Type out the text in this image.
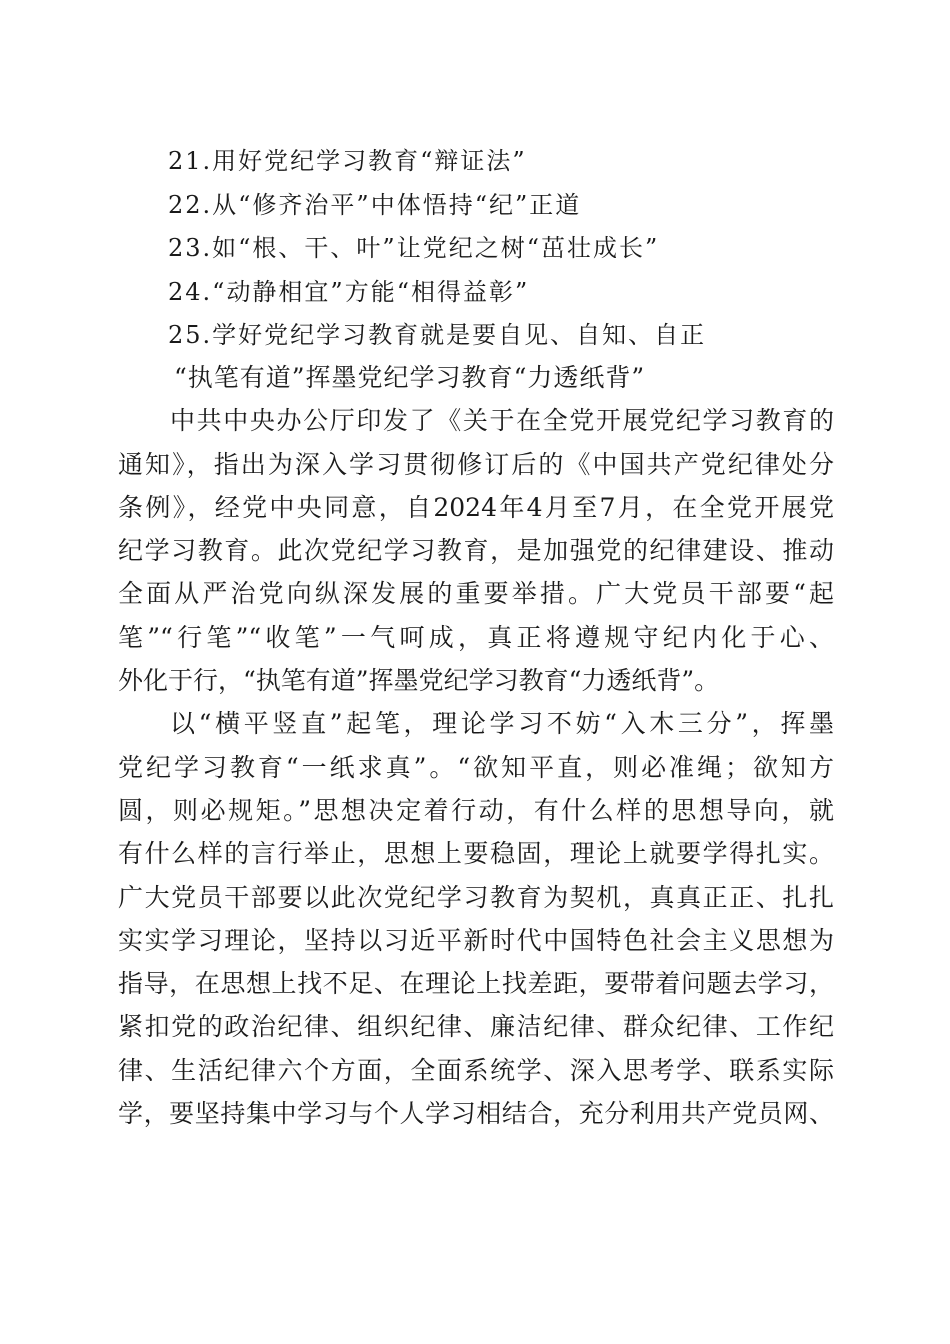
21.用好党纪学习教育“辩证法”
22.从“修齐治平”中体悟持“纪”正道
23.如“根、干、叶”让党纪之树“茁壮成长”
24.“动静相宜”方能“相得益彰”
25.学好党纪学习教育就是要自见、自知、自正
“执笔有道”挥墨党纪学习教育“力透纸背”
中共中央办公厅印发了《关于在全党开展党纪学习教育的
通知》，指出为深入学习贯彻修订后的《中国共产党纪律处分
条例》，经党中央同意，自2024年4月至7月，在全党开展党
纪学习教育。此次党纪学习教育，是加强党的纪律建设、推动
全面从严治党向纵深发展的重要举措。广大党员干部要“起
笔”“行笔”“收笔”一气呵成，真正将遵规守纪内化于心、
外化于行，“执笔有道”挥墨党纪学习教育“力透纸背”。
以“横平竖直”起笔，理论学习不妨“入木三分”，挥墨
党纪学习教育“一纸求真”。“欲知平直，则必准绳；欲知方
圆，则必规矩。”思想决定着行动，有什么样的思想导向，就
有什么样的言行举止，思想上要稳固，理论上就要学得扎实。
广大党员干部要以此次党纪学习教育为契机，真真正正、扎扎
实实学习理论，坚持以习近平新时代中国特色社会主义思想为
指导，在思想上找不足、在理论上找差距，要带着问题去学习，
紧扣党的政治纪律、组织纪律、廉洁纪律、群众纪律、工作纪
律、生活纪律六个方面，全面系统学、深入思考学、联系实际
学，要坚持集中学习与个人学习相结合，充分利用共产党员网、
